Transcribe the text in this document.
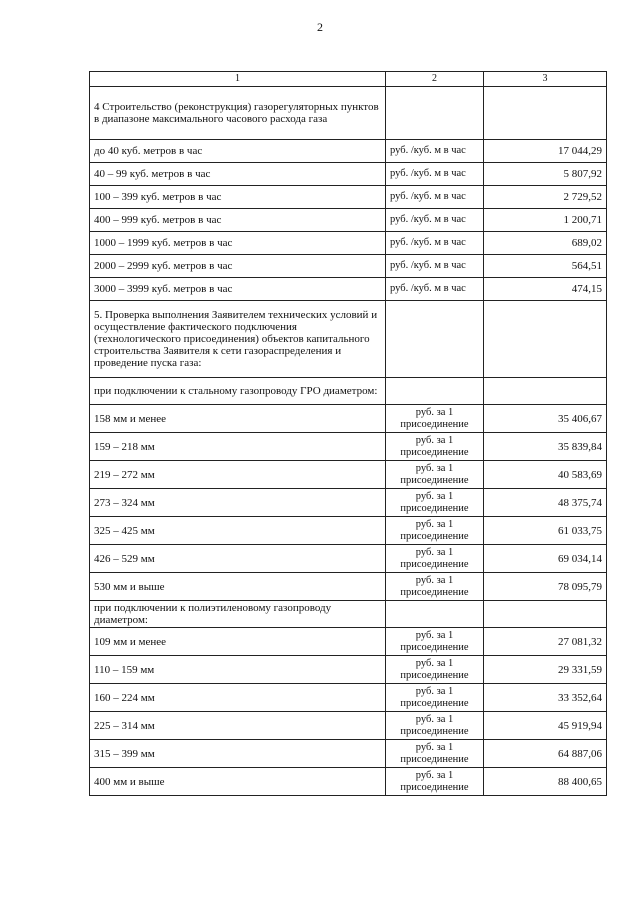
2
1	2	3
4 Строительство (реконструкция) газорегуляторных пунктов в диапазоне максимального часового расхода газа		
до 40 куб. метров в час	руб. /куб. м в час	17 044,29
40 – 99 куб. метров в час	руб. /куб. м в час	5 807,92
100 – 399 куб. метров в час	руб. /куб. м в час	2 729,52
400 – 999 куб. метров в час	руб. /куб. м в час	1 200,71
1000 – 1999 куб. метров в час	руб. /куб. м в час	689,02
2000 – 2999 куб. метров в час	руб. /куб. м в час	564,51
3000 – 3999 куб. метров в час	руб. /куб. м в час	474,15
5. Проверка выполнения Заявителем технических условий и осуществление фактического подключения (технологического присоединения) объектов капитального строительства Заявителя к сети газораспределения и проведение пуска газа:		
при подключении к стальному газопроводу ГРО диаметром:		
158 мм и менее	руб. за 1 присоединение	35 406,67
159 – 218 мм	руб. за 1 присоединение	35 839,84
219 – 272 мм	руб. за 1 присоединение	40 583,69
273 – 324 мм	руб. за 1 присоединение	48 375,74
325 – 425 мм	руб. за 1 присоединение	61 033,75
426 – 529 мм	руб. за 1 присоединение	69 034,14
530 мм и выше	руб. за 1 присоединение	78 095,79
при подключении к полиэтиленовому газопроводу диаметром:		
109 мм и менее	руб. за 1 присоединение	27 081,32
110 – 159 мм	руб. за 1 присоединение	29 331,59
160 – 224 мм	руб. за 1 присоединение	33 352,64
225 – 314 мм	руб. за 1 присоединение	45 919,94
315 – 399 мм	руб. за 1 присоединение	64 887,06
400 мм и выше	руб. за 1 присоединение	88 400,65
